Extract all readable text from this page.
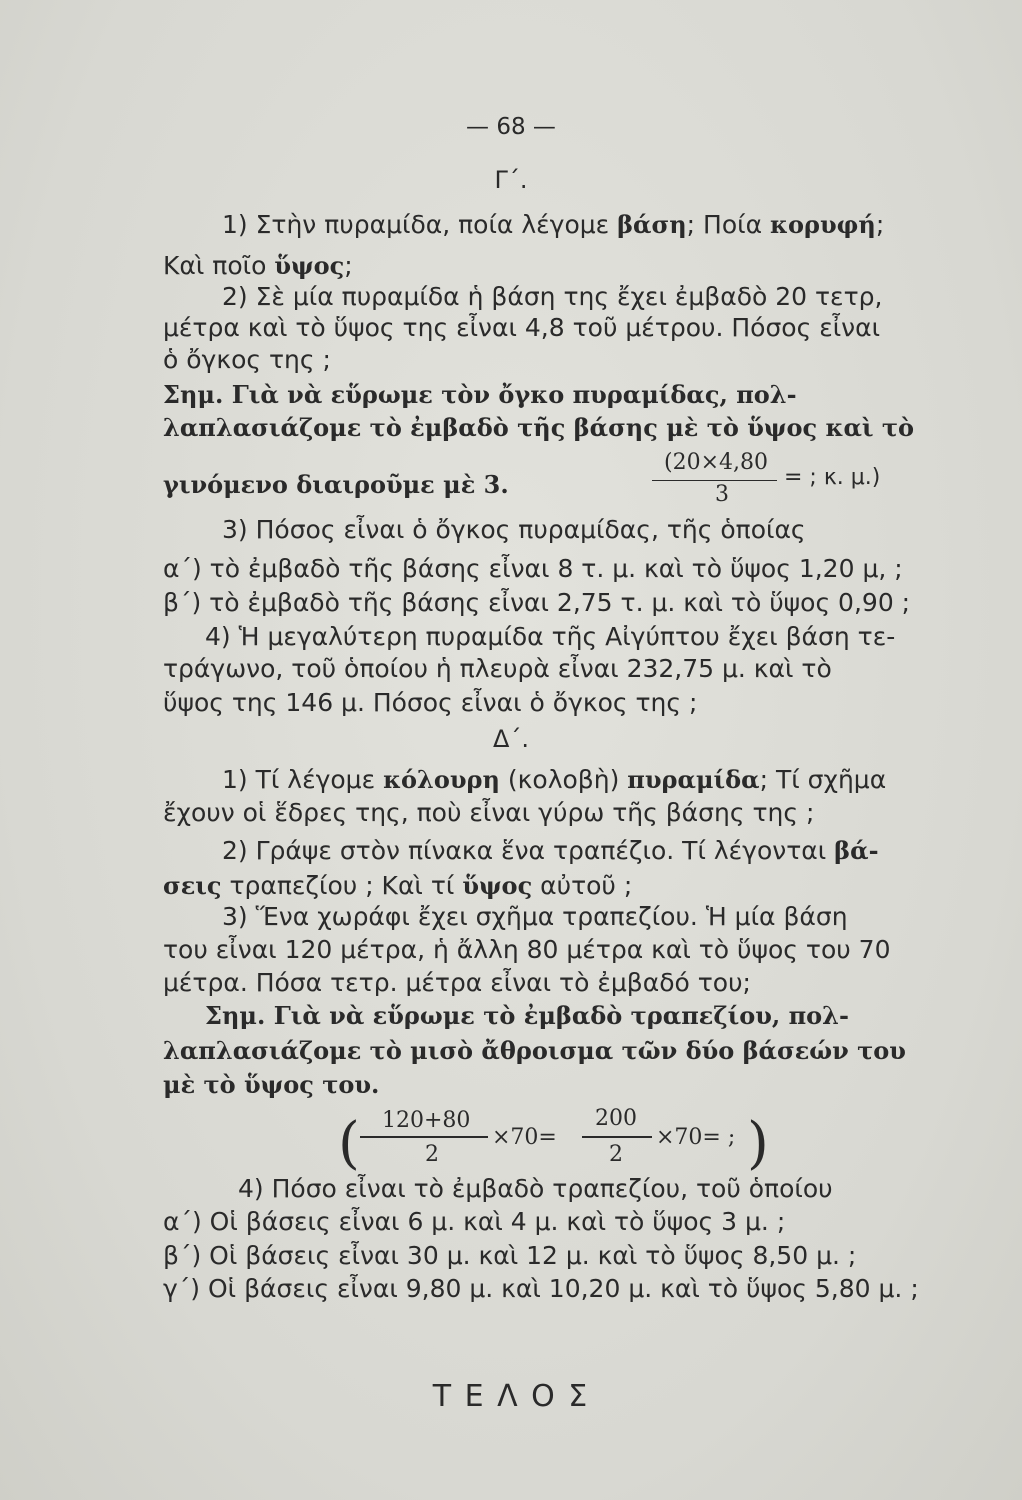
— 68 —
Γ΄.
1) Στὴν πυραμίδα, ποία λέγομε βάση; Ποία κορυφή;
Καὶ ποῖο ὕψος;
2) Σὲ μία πυραμίδα ἡ βάση της ἔχει ἐμβαδὸ 20 τετρ,
μέτρα καὶ τὸ ὕψος της εἶναι 4,8 τοῦ μέτρου. Πόσος εἶναι
ὁ ὄγκος της ;
Σημ. Γιὰ νὰ εὕρωμε τὸν ὄγκο πυραμίδας, πολ-
λαπλασιάζομε τὸ ἐμβαδὸ τῆς βάσης μὲ τὸ ὕψος καὶ τὸ
γινόμενο διαιροῦμε μὲ 3.
(20×4,80
3
= ; κ. μ.)
3) Πόσος εἶναι ὁ ὄγκος πυραμίδας, τῆς ὁποίας
α΄) τὸ ἐμβαδὸ τῆς βάσης εἶναι 8 τ. μ. καὶ τὸ ὕψος 1,20 μ, ;
β΄) τὸ ἐμβαδὸ τῆς βάσης εἶναι 2,75 τ. μ. καὶ τὸ ὕψος 0,90 ;
4) Ἡ μεγαλύτερη πυραμίδα τῆς Αἰγύπτου ἔχει βάση τε-
τράγωνο, τοῦ ὁποίου ἡ πλευρὰ εἶναι 232,75 μ. καὶ τὸ
ὕψος της 146 μ. Πόσος εἶναι ὁ ὄγκος της ;
Δ΄.
1) Τί λέγομε κόλουρη (κολοβὴ) πυραμίδα; Τί σχῆμα
ἔχουν οἱ ἕδρες της, ποὺ εἶναι γύρω τῆς βάσης της ;
2) Γράψε στὸν πίνακα ἕνα τραπέζιο. Τί λέγονται βά-
σεις τραπεζίου ; Καὶ τί ὕψος αὐτοῦ ;
3) Ἕνα χωράφι ἔχει σχῆμα τραπεζίου. Ἡ μία βάση
του εἶναι 120 μέτρα, ἡ ἄλλη 80 μέτρα καὶ τὸ ὕψος του 70
μέτρα. Πόσα τετρ. μέτρα εἶναι τὸ ἐμβαδό του;
Σημ. Γιὰ νὰ εὕρωμε τὸ ἐμβαδὸ τραπεζίου, πολ-
λαπλασιάζομε τὸ μισὸ ἄθροισμα τῶν δύο βάσεών του
μὲ τὸ ὕψος του.
( 120+80
2
×70=
200
2
×70= ; )
4) Πόσο εἶναι τὸ ἐμβαδὸ τραπεζίου, τοῦ ὁποίου
α΄) Οἱ βάσεις εἶναι 6 μ. καὶ 4 μ. καὶ τὸ ὕψος 3 μ. ;
β΄) Οἱ βάσεις εἶναι 30 μ. καὶ 12 μ. καὶ τὸ ὕψος 8,50 μ. ;
γ΄) Οἱ βάσεις εἶναι 9,80 μ. καὶ 10,20 μ. καὶ τὸ ὕψος 5,80 μ. ;
Τ Ε Λ Ο Σ
